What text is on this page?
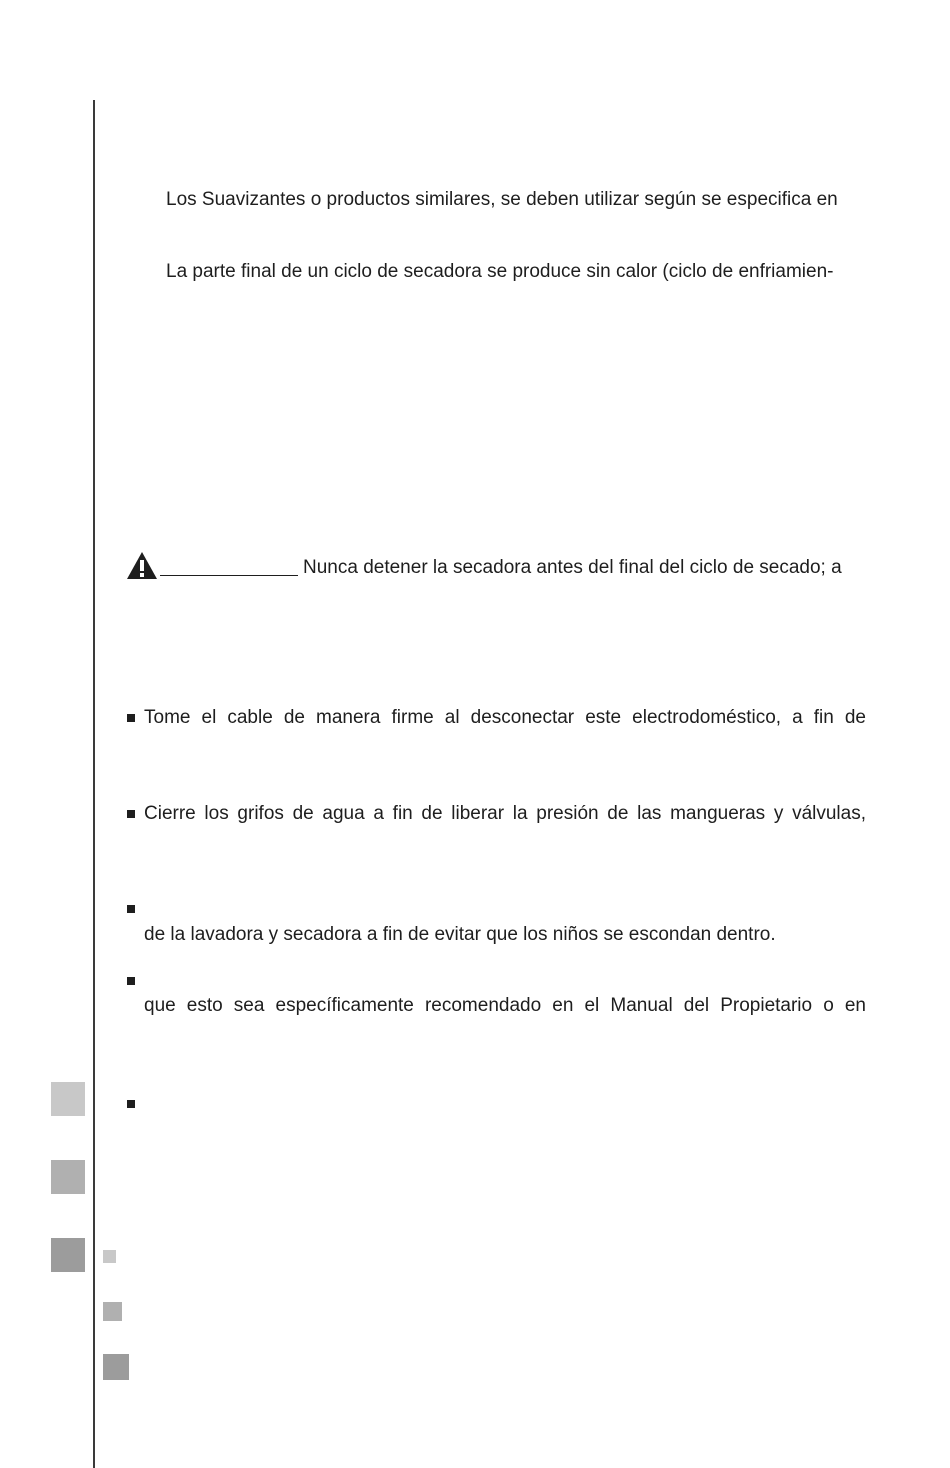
Los Suavizantes o productos similares, se deben utilizar según se especifica en
La parte final de un ciclo de secadora se produce sin calor (ciclo de enfriamien-
Nunca detener la secadora antes del final del ciclo de secado; a
Tome el cable de manera firme al desconectar este electrodoméstico, a fin de
Cierre los grifos de agua a fin de liberar la presión de las mangueras y válvulas,
de la lavadora y secadora a fin de evitar que los niños se escondan dentro.
que esto sea específicamente recomendado en el Manual del Propietario o en
